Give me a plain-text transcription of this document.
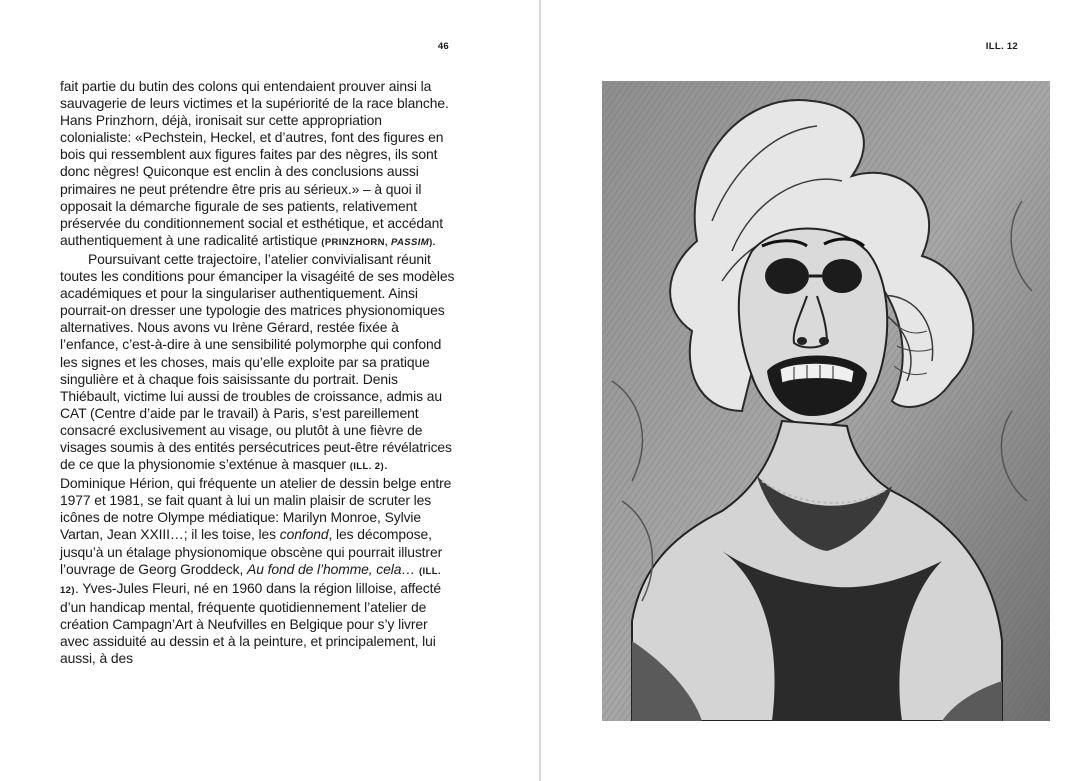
46

fait partie du butin des colons qui entendaient prouver ainsi la sauvagerie de leurs victimes et la supériorité de la race blanche. Hans Prinzhorn, déjà, ironisait sur cette appropriation colonialiste: «Pechstein, Heckel, et d’autres, font des figures en bois qui ressemblent aux figures faites par des nègres, ils sont donc nègres! Quiconque est enclin à des conclusions aussi primaires ne peut prétendre être pris au sérieux.» – à quoi il opposait la démarche figurale de ses patients, relativement préservée du conditionnement social et esthétique, et accédant authentiquement à une radicalité artistique (PRINZHORN, PASSIM).

Poursuivant cette trajectoire, l’atelier convivialisant réunit toutes les conditions pour émanciper la visagéité de ses modèles académiques et pour la singulariser authentiquement. Ainsi pourrait-on dresser une typologie des matrices physionomiques alternatives. Nous avons vu Irène Gérard, restée fixée à l’enfance, c’est-à-dire à une sensibilité polymorphe qui confond les signes et les choses, mais qu’elle exploite par sa pratique singulière et à chaque fois saisissante du portrait. Denis Thiébault, victime lui aussi de troubles de croissance, admis au CAT (Centre d’aide par le travail) à Paris, s’est pareillement consacré exclusivement au visage, ou plutôt à une fièvre de visages soumis à des entités persécutrices peut-être révélatrices de ce que la physionomie s’exténue à masquer (ILL. 2). Dominique Hérion, qui fréquente un atelier de dessin belge entre 1977 et 1981, se fait quant à lui un malin plaisir de scruter les icônes de notre Olympe médiatique: Marilyn Monroe, Sylvie Vartan, Jean XXIII…; il les toise, les confond, les décompose, jusqu’à un étalage physionomique obscène qui pourrait illustrer l’ouvrage de Georg Groddeck, Au fond de l’homme, cela… (ILL. 12). Yves-Jules Fleuri, né en 1960 dans la région lilloise, affecté d’un handicap mental, fréquente quotidiennement l’atelier de création Campagn’Art à Neufvilles en Belgique pour s’y livrer avec assiduité au dessin et à la peinture, et principalement, lui aussi, à des

ILL. 12
